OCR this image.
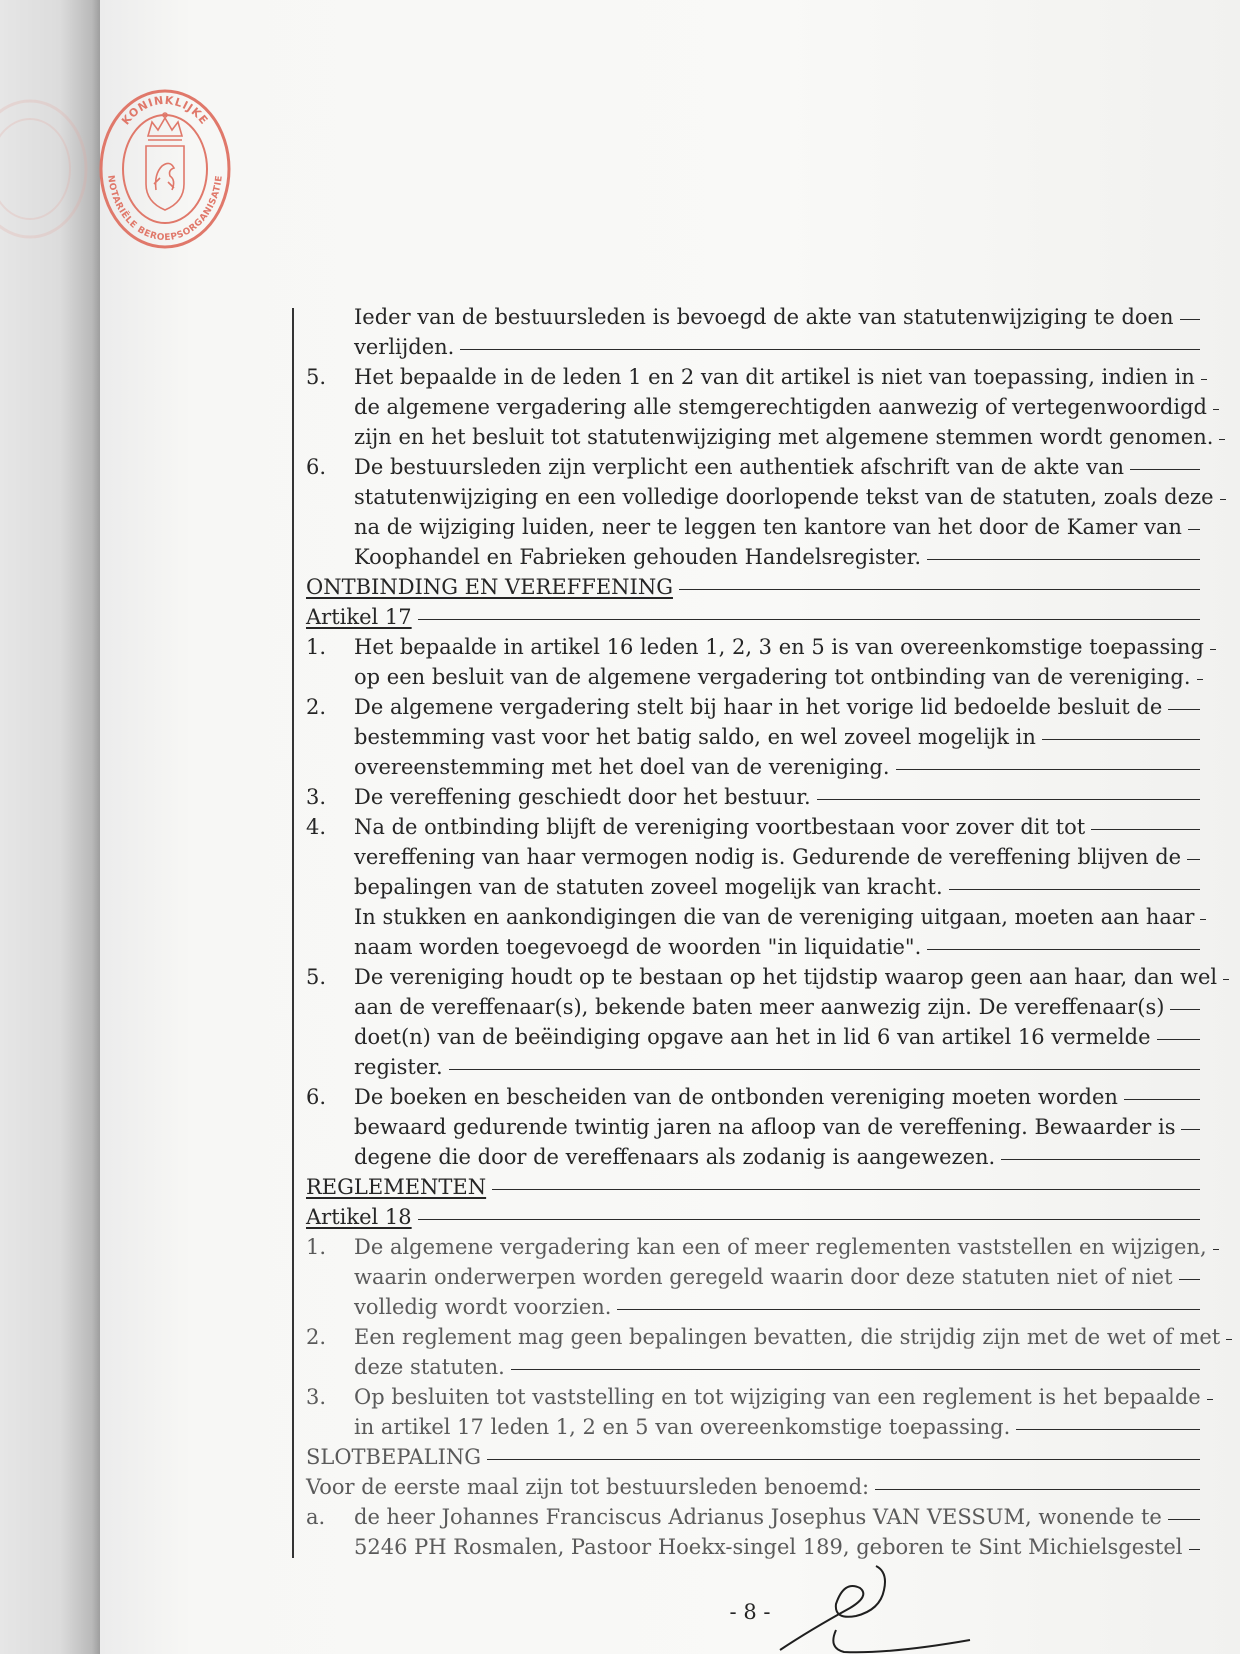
KONINKLIJKE
NOTARIËLE BEROEPSORGANISATIE
Ieder van de bestuursleden is bevoegd de akte van statutenwijziging te doen
verlijden.
5.	Het bepaalde in de leden 1 en 2 van dit artikel is niet van toepassing, indien in
de algemene vergadering alle stemgerechtigden aanwezig of vertegenwoordigd
zijn en het besluit tot statutenwijziging met algemene stemmen wordt genomen.
6.	De bestuursleden zijn verplicht een authentiek afschrift van de akte van
statutenwijziging en een volledige doorlopende tekst van de statuten, zoals deze
na de wijziging luiden, neer te leggen ten kantore van het door de Kamer van
Koophandel en Fabrieken gehouden Handelsregister.
ONTBINDING EN VEREFFENING
Artikel 17
1.	Het bepaalde in artikel 16 leden 1, 2, 3 en 5 is van overeenkomstige toepassing
op een besluit van de algemene vergadering tot ontbinding van de vereniging.
2.	De algemene vergadering stelt bij haar in het vorige lid bedoelde besluit de
bestemming vast voor het batig saldo, en wel zoveel mogelijk in
overeenstemming met het doel van de vereniging.
3.	De vereffening geschiedt door het bestuur.
4.	Na de ontbinding blijft de vereniging voortbestaan voor zover dit tot
vereffening van haar vermogen nodig is. Gedurende de vereffening blijven de
bepalingen van de statuten zoveel mogelijk van kracht.
In stukken en aankondigingen die van de vereniging uitgaan, moeten aan haar
naam worden toegevoegd de woorden "in liquidatie".
5.	De vereniging houdt op te bestaan op het tijdstip waarop geen aan haar, dan wel
aan de vereffenaar(s), bekende baten meer aanwezig zijn. De vereffenaar(s)
doet(n) van de beëindiging opgave aan het in lid 6 van artikel 16 vermelde
register.
6.	De boeken en bescheiden van de ontbonden vereniging moeten worden
bewaard gedurende twintig jaren na afloop van de vereffening. Bewaarder is
degene die door de vereffenaars als zodanig is aangewezen.
REGLEMENTEN
Artikel 18
1.	De algemene vergadering kan een of meer reglementen vaststellen en wijzigen,
waarin onderwerpen worden geregeld waarin door deze statuten niet of niet
volledig wordt voorzien.
2.	Een reglement mag geen bepalingen bevatten, die strijdig zijn met de wet of met
deze statuten.
3.	Op besluiten tot vaststelling en tot wijziging van een reglement is het bepaalde
in artikel 17 leden 1, 2 en 5 van overeenkomstige toepassing.
SLOTBEPALING
Voor de eerste maal zijn tot bestuursleden benoemd:
a.	de heer Johannes Franciscus Adrianus Josephus VAN VESSUM, wonende te
5246 PH Rosmalen, Pastoor Hoekx-singel 189, geboren te Sint Michielsgestel
- 8 -
